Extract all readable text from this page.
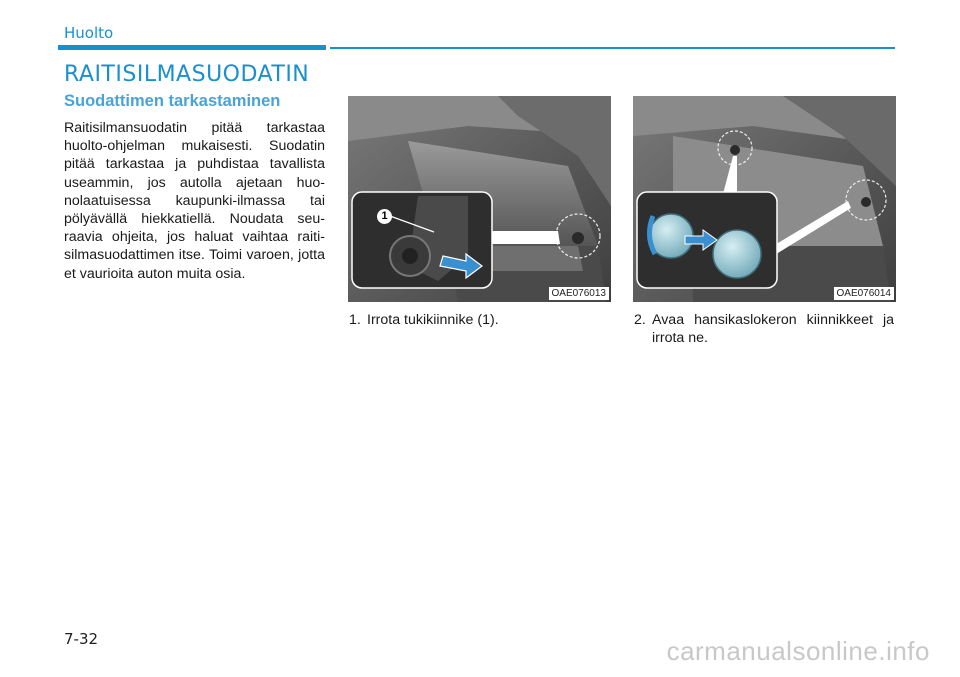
Huolto
RAITISILMASUODATIN
Suodattimen tarkastaminen
Raitisilmansuodatin pitää tarkastaa huolto-ohjelman mukaisesti. Suodatin pitää tarkastaa ja puhdistaa tavallista useammin, jos autolla ajetaan huo-nolaatuisessa kaupunki-ilmassa tai pölyävällä hiekkatiellä. Noudata seu-raavia ohjeita, jos haluat vaihtaa raiti-silmasuodattimen itse. Toimi varoen, jotta et vaurioita auton muita osia.
1
OAE076013	OAE076014
1. Irrota tukikiinnike (1).	2. Avaa hansikaslokeron kiinnikkeet ja irrota ne.
7-32	carmanualsonline.info
